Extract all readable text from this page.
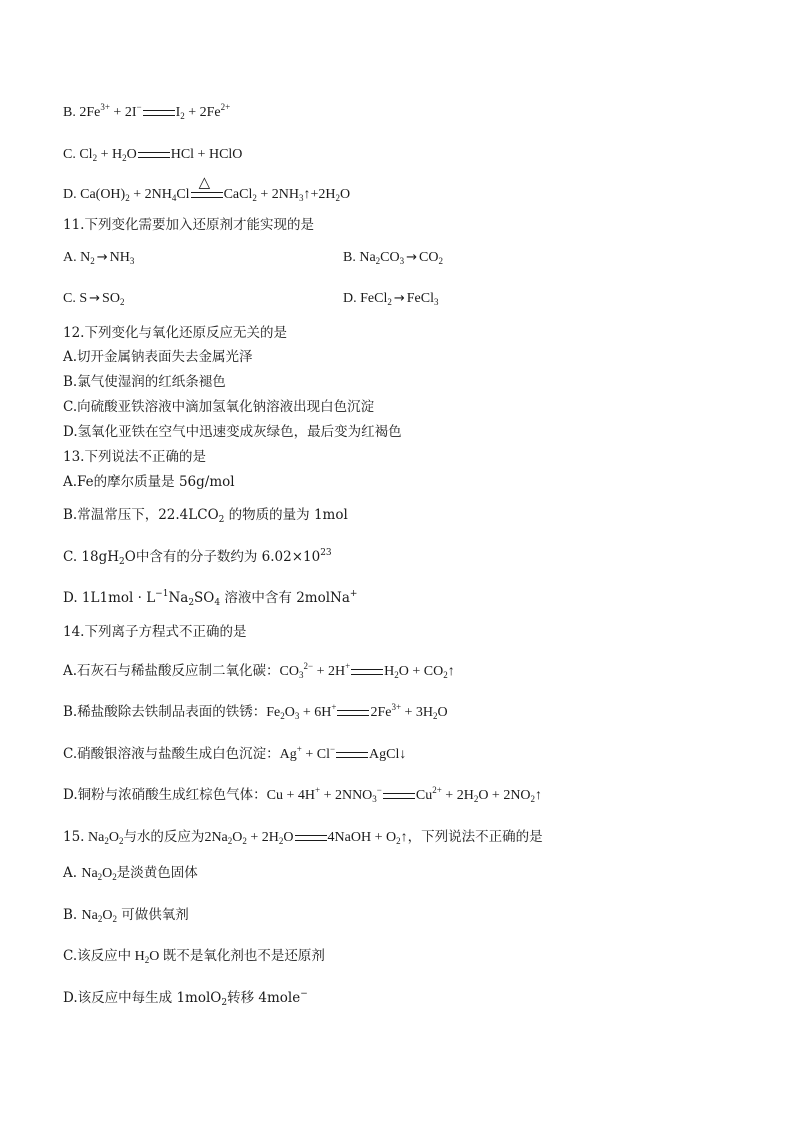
B. $2Fe^{3+} + 2I^-$ $I_2 + 2Fe^{2+}$
C. $Cl_2 + H_2O$ HCl + HClO
D. $Ca(OH)_2 + 2NH_4Cl$
△
CaCl$_2$ + $2NH_3↑+2H_2O$
11.下列变化需要加入还原剂才能实现的是
A. $N_2 \to NH_3$	B. $Na_2CO_3 \to CO_2$
C. $S \to SO_2$	D. FeCl$_2$ → FeCl$_3$
12.下列变化与氧化还原反应无关的是
A.切开金属钠表面失去金属光泽
B.氯气使湿润的红纸条褪色
C.向硫酸亚铁溶液中滴加氢氧化钠溶液出现白色沉淀
D.氢氧化亚铁在空气中迅速变成灰绿色，最后变为红褐色
13.下列说法不正确的是
A.Fe的摩尔质量是 56g/mol
B.常温常压下，$22.4LCO_2$ 的物质的量为 1mol
C. $18gH_2O$中含有的分子数约为 $6.02\times 10^{23}$
D. $1L1mol \cdot L^{-1}Na_2SO_4$ 溶液中含有 2molNa+
14.下列离子方程式不正确的是
A.石灰石与稀盐酸反应制二氧化碳：$CO_3^{2-} + 2H^+$ $H_2O$ + $CO_2↑$
B.稀盐酸除去铁制品表面的铁锈：$Fe_2O_3 + 6H^+$ $2Fe^{3+} + 3H_2O$
C.硝酸银溶液与盐酸生成白色沉淀：Ag+ + Cl− AgCl↓
D.铜粉与浓硝酸生成红棕色气体：$Cu + 4H^+ + 2NNO_3^-$ $Cu^{2+} + 2H_2O$ + $2NO_2↑$
15. $Na_2O_2$与水的反应为$2Na_2O_2 + 2H_2O$ 4NaOH + $O_2↑$，下列说法不正确的是
A. $Na_2O_2$是淡黄色固体
B. $Na_2O_2$ 可做供氧剂
C.该反应中 $H_2O$ 既不是氧化剂也不是还原剂
D.该反应中每生成 1molO$_2$转移 4mole−
